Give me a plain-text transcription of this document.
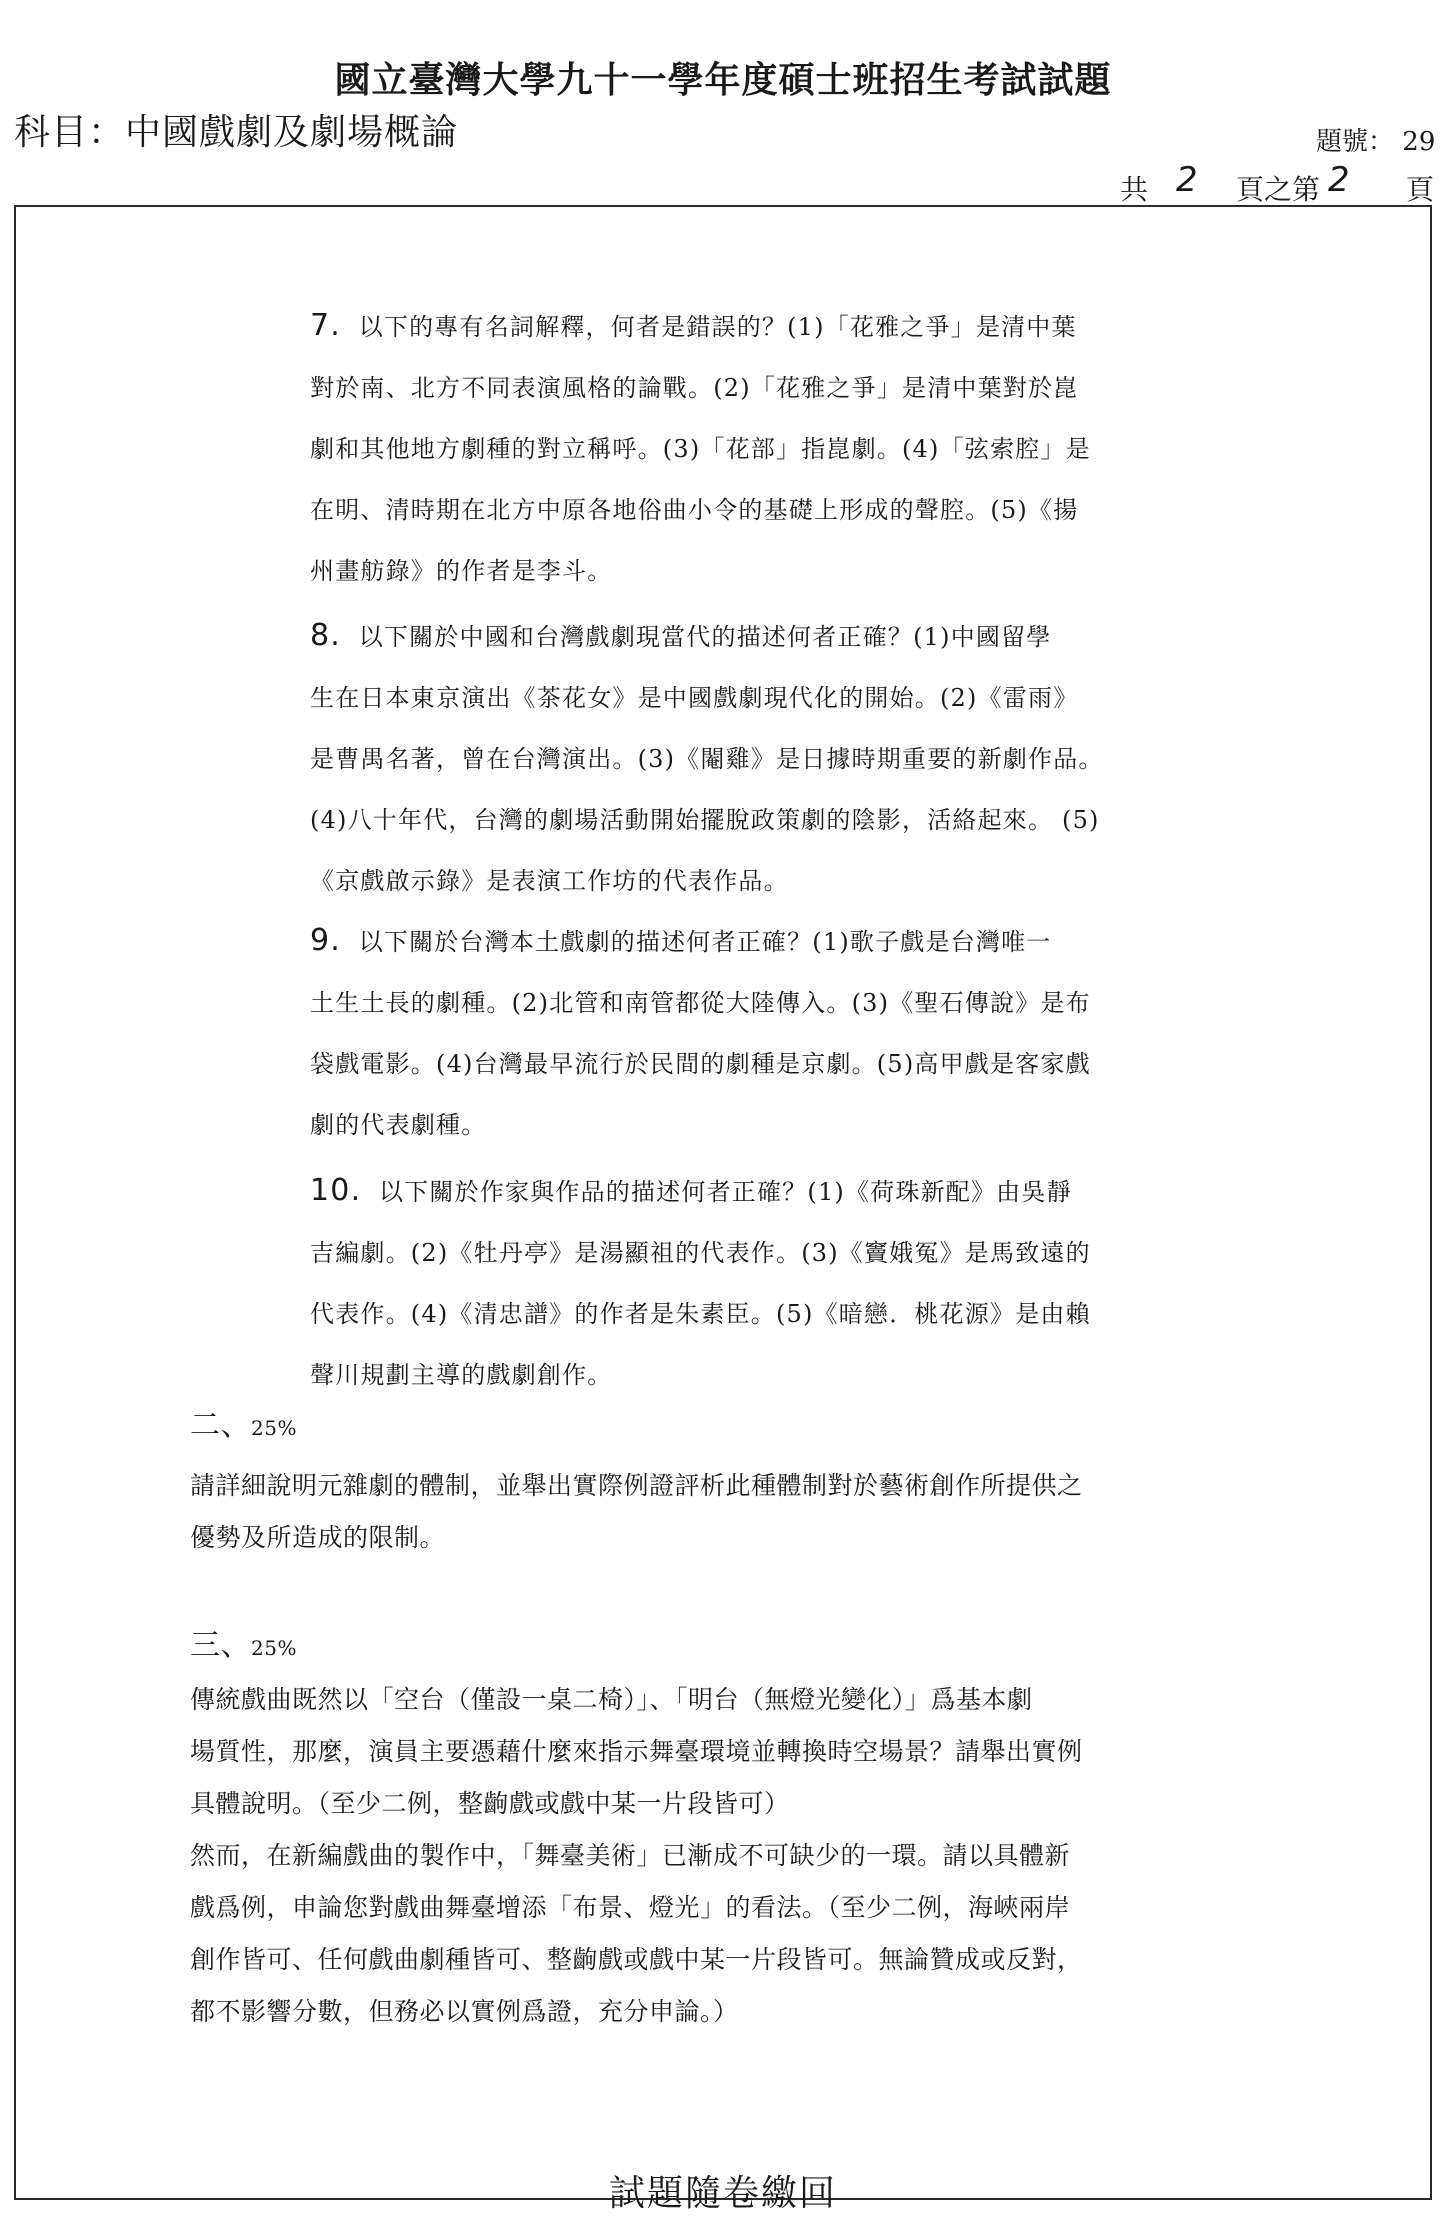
國立臺灣大學九十一學年度碩士班招生考試試題
科目：中國戲劇及劇場概論	題號： 29
共 2 頁之第 2 頁

7. 以下的專有名詞解釋，何者是錯誤的？(1)「花雅之爭」是清中葉

對於南、北方不同表演風格的論戰。(2)「花雅之爭」是清中葉對於崑

劇和其他地方劇種的對立稱呼。(3)「花部」指崑劇。(4)「弦索腔」是

在明、清時期在北方中原各地俗曲小令的基礎上形成的聲腔。(5)《揚

州畫舫錄》的作者是李斗。

8. 以下關於中國和台灣戲劇現當代的描述何者正確？(1)中國留學

生在日本東京演出《茶花女》是中國戲劇現代化的開始。(2)《雷雨》

是曹禺名著，曾在台灣演出。(3)《閹雞》是日據時期重要的新劇作品。

(4)八十年代，台灣的劇場活動開始擺脫政策劇的陰影，活絡起來。 (5)

《京戲啟示錄》是表演工作坊的代表作品。

9. 以下關於台灣本土戲劇的描述何者正確？(1)歌子戲是台灣唯一

土生土長的劇種。(2)北管和南管都從大陸傳入。(3)《聖石傳說》是布

袋戲電影。(4)台灣最早流行於民間的劇種是京劇。(5)高甲戲是客家戲

劇的代表劇種。

10. 以下關於作家與作品的描述何者正確？(1)《荷珠新配》由吳靜

吉編劇。(2)《牡丹亭》是湯顯祖的代表作。(3)《竇娥冤》是馬致遠的

代表作。(4)《清忠譜》的作者是朱素臣。(5)《暗戀．桃花源》是由賴

聲川規劃主導的戲劇創作。

二、25%

請詳細說明元雜劇的體制，並舉出實際例證評析此種體制對於藝術創作所提供之

優勢及所造成的限制。

三、25%

傳統戲曲既然以「空台（僅設一桌二椅）」、「明台（無燈光變化）」爲基本劇

場質性，那麼，演員主要憑藉什麼來指示舞臺環境並轉換時空場景？請舉出實例

具體說明。（至少二例，整齣戲或戲中某一片段皆可）

然而，在新編戲曲的製作中，「舞臺美術」已漸成不可缺少的一環。請以具體新

戲爲例，申論您對戲曲舞臺增添「布景、燈光」的看法。（至少二例，海峽兩岸

創作皆可、任何戲曲劇種皆可、整齣戲或戲中某一片段皆可。無論贊成或反對，

都不影響分數，但務必以實例爲證，充分申論。）

試題隨卷繳回
